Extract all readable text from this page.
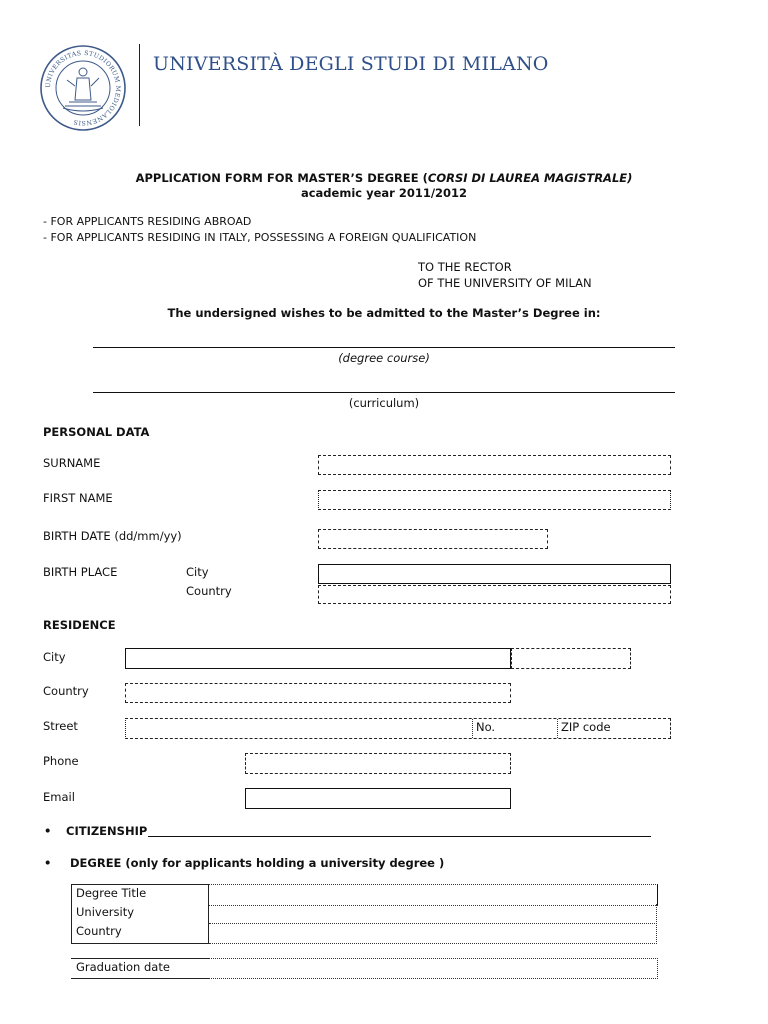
UNIVERSITAS STUDIORUM MEDIOLANENSIS
UNIVERSITÀ DEGLI STUDI DI MILANO
APPLICATION FORM FOR MASTER’S DEGREE (CORSI DI LAUREA MAGISTRALE)
academic year 2011/2012
- FOR APPLICANTS RESIDING ABROAD
- FOR APPLICANTS RESIDING IN ITALY, POSSESSING A FOREIGN QUALIFICATION
TO THE RECTOR
OF THE UNIVERSITY OF MILAN
The undersigned wishes to be admitted to the Master’s Degree in:
(degree course)
(curriculum)
PERSONAL DATA
SURNAME
FIRST NAME
BIRTH DATE (dd/mm/yy)
BIRTH PLACE	City
Country
RESIDENCE
City
Country
Street	No.	ZIP code
Phone
Email
• CITIZENSHIP
• DEGREE (only for applicants holding a university degree )
Degree Title
University
Country
Graduation date
